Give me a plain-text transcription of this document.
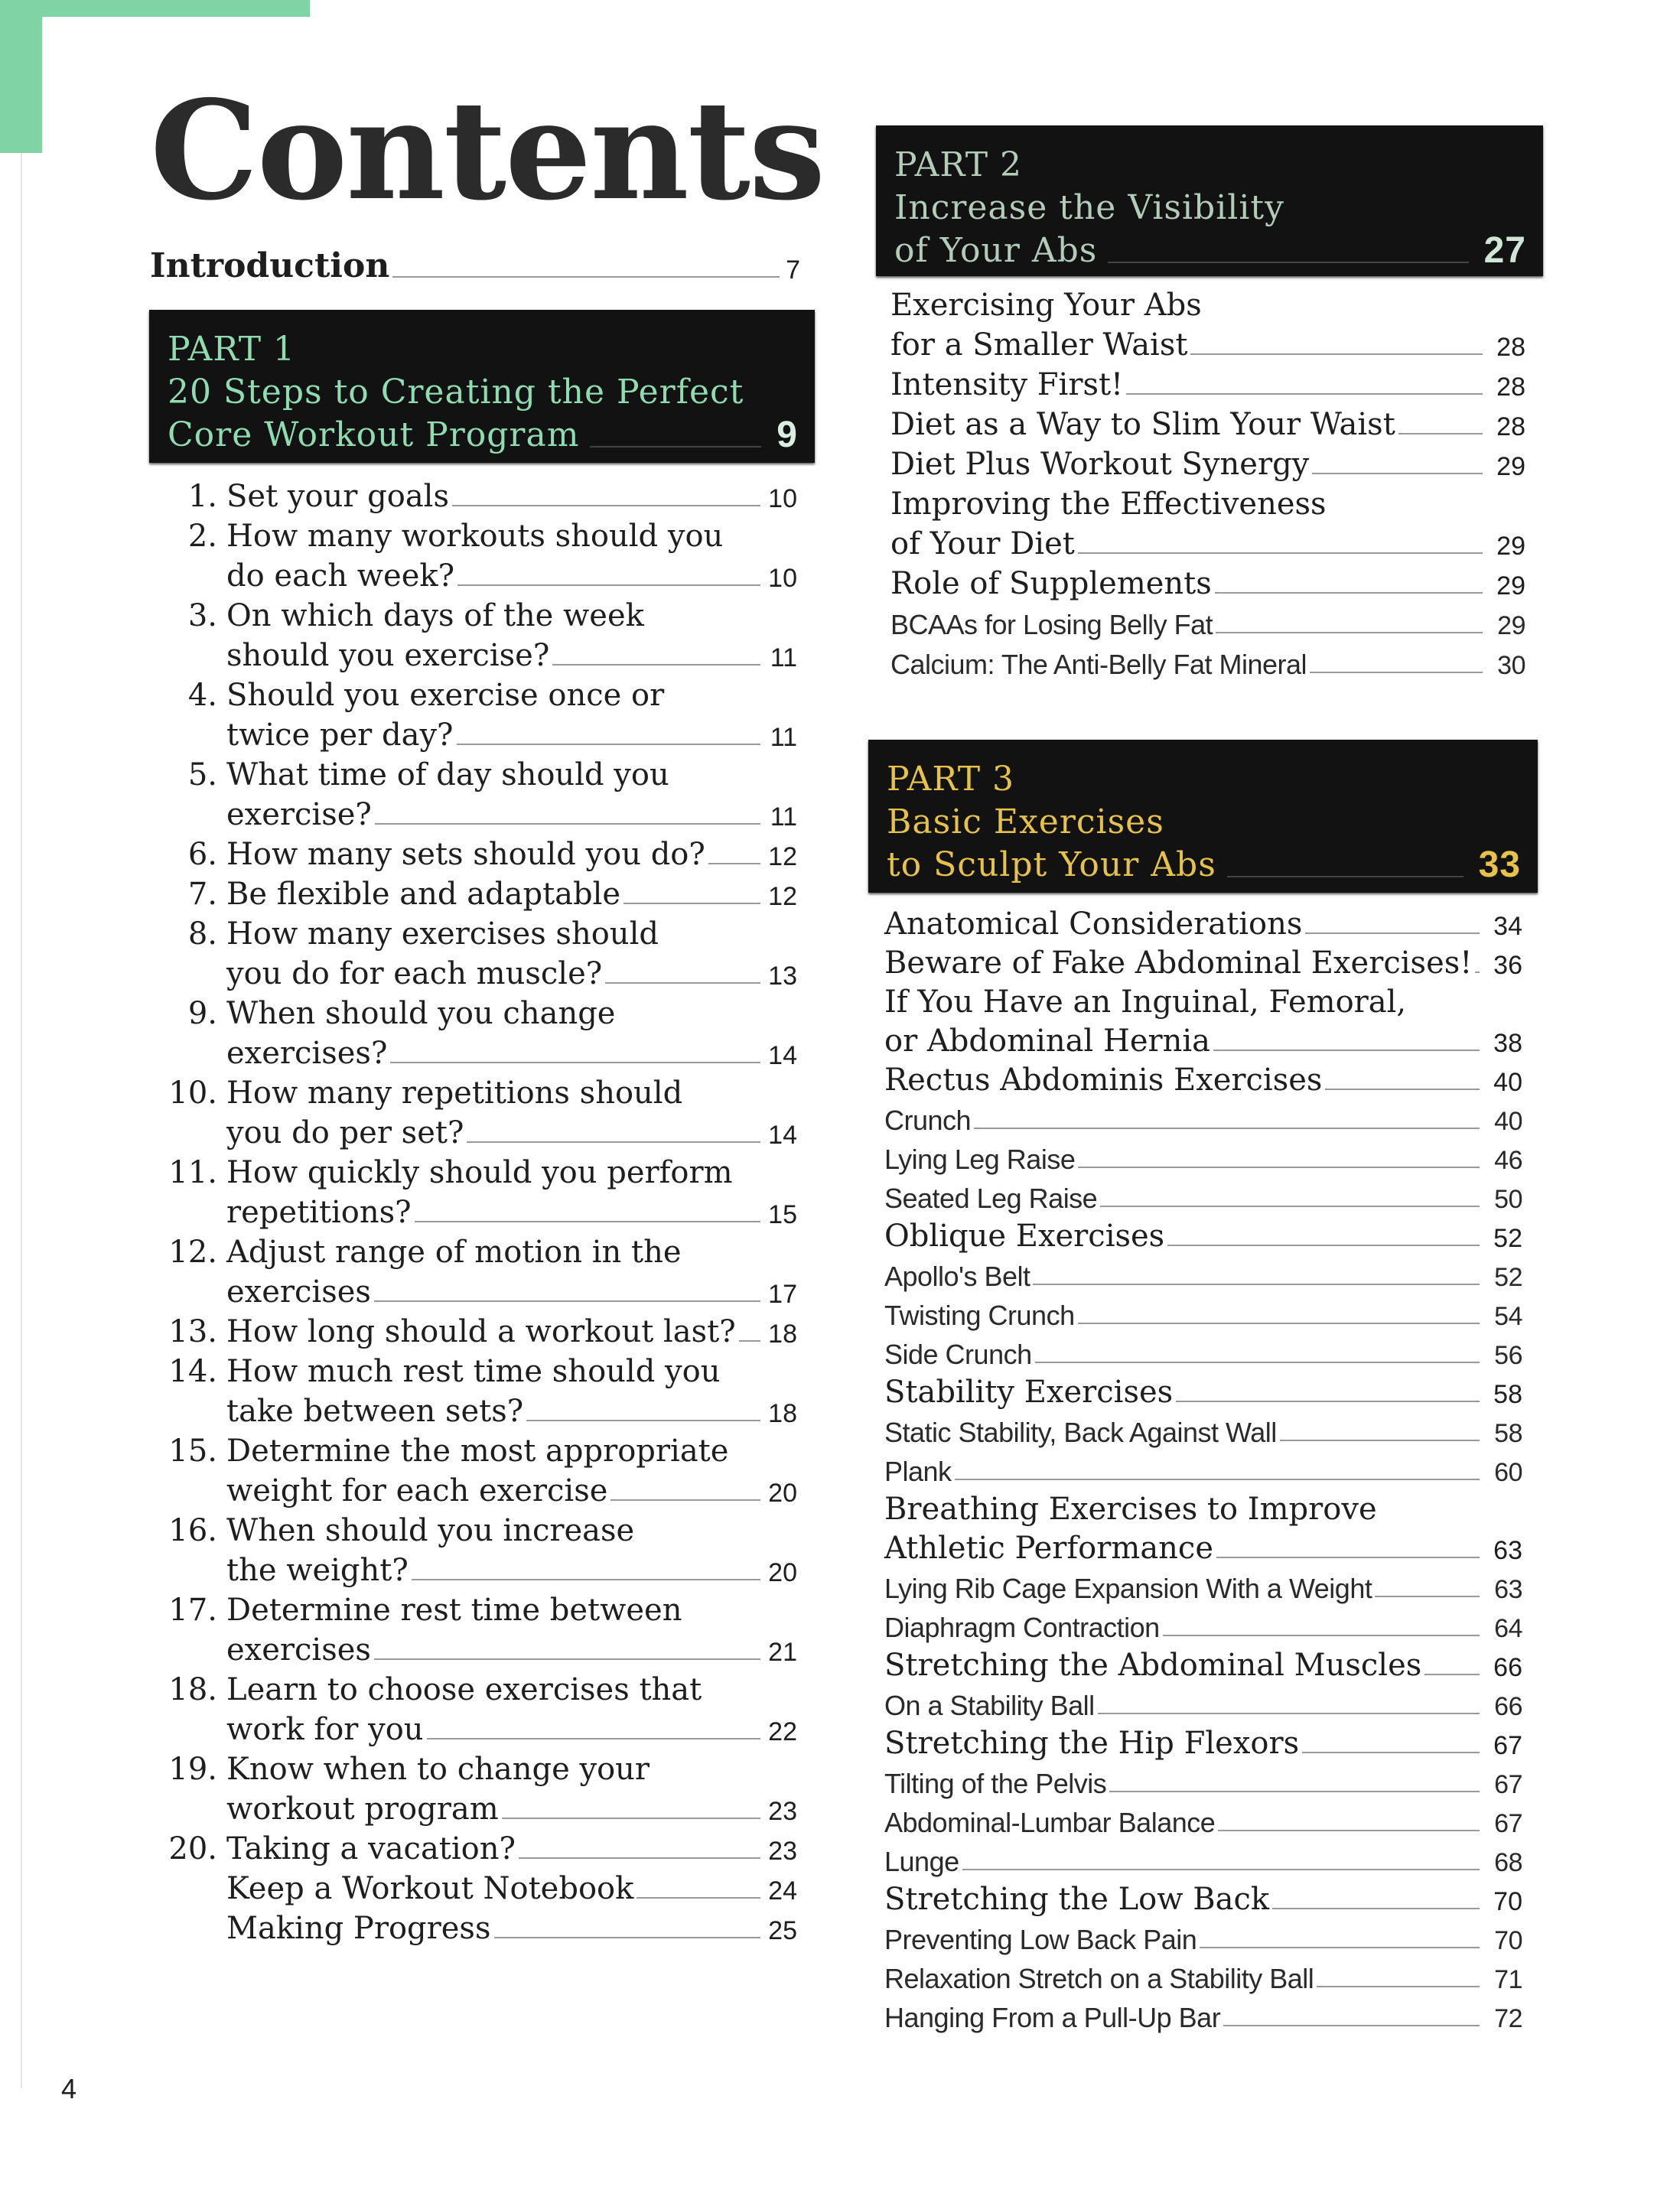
Contents
Introduction	7
PART 1
20 Steps to Creating the Perfect
Core Workout Program	9
PART 2
Increase the Visibility
of Your Abs	27
PART 3
Basic Exercises
to Sculpt Your Abs	33
1. Set your goals	10
2. How many workouts should you
do each week?	10
3. On which days of the week
should you exercise?	11
4. Should you exercise once or
twice per day?	11
5. What time of day should you
exercise?	11
6. How many sets should you do? 12
7. Be flexible and adaptable	12
8. How many exercises should
you do for each muscle?	13
9. When should you change
exercises?	14
10. How many repetitions should
you do per set?	14
11. How quickly should you perform
repetitions?	15
12. Adjust range of motion in the
exercises	17
13. How long should a workout last? 18
14. How much rest time should you
take between sets?	18
15. Determine the most appropriate
weight for each exercise	20
16. When should you increase
the weight?	20
17. Determine rest time between
exercises	21
18. Learn to choose exercises that
work for you	22
19. Know when to change your
workout program	23
20. Taking a vacation?	23
Keep a Workout Notebook	24
Making Progress	25
Exercising Your Abs
for a Smaller Waist	28
Intensity First!	28
Diet as a Way to Slim Your Waist	28
Diet Plus Workout Synergy	29
Improving the Effectiveness
of Your Diet	29
Role of Supplements	29
BCAAs for Losing Belly Fat	29
Calcium: The Anti-Belly Fat Mineral	30
Anatomical Considerations	34
Beware of Fake Abdominal Exercises! 36
If You Have an Inguinal, Femoral,
or Abdominal Hernia	38
Rectus Abdominis Exercises	40
Crunch	40
Lying Leg Raise	46
Seated Leg Raise	50
Oblique Exercises	52
Apollo's Belt	52
Twisting Crunch	54
Side Crunch	56
Stability Exercises	58
Static Stability, Back Against Wall	58
Plank	60
Breathing Exercises to Improve
Athletic Performance	63
Lying Rib Cage Expansion With a Weight	63
Diaphragm Contraction	64
Stretching the Abdominal Muscles	66
On a Stability Ball	66
Stretching the Hip Flexors	67
Tilting of the Pelvis	67
Abdominal-Lumbar Balance	67
Lunge	68
Stretching the Low Back	70
Preventing Low Back Pain	70
Relaxation Stretch on a Stability Ball	71
Hanging From a Pull-Up Bar	72
4
